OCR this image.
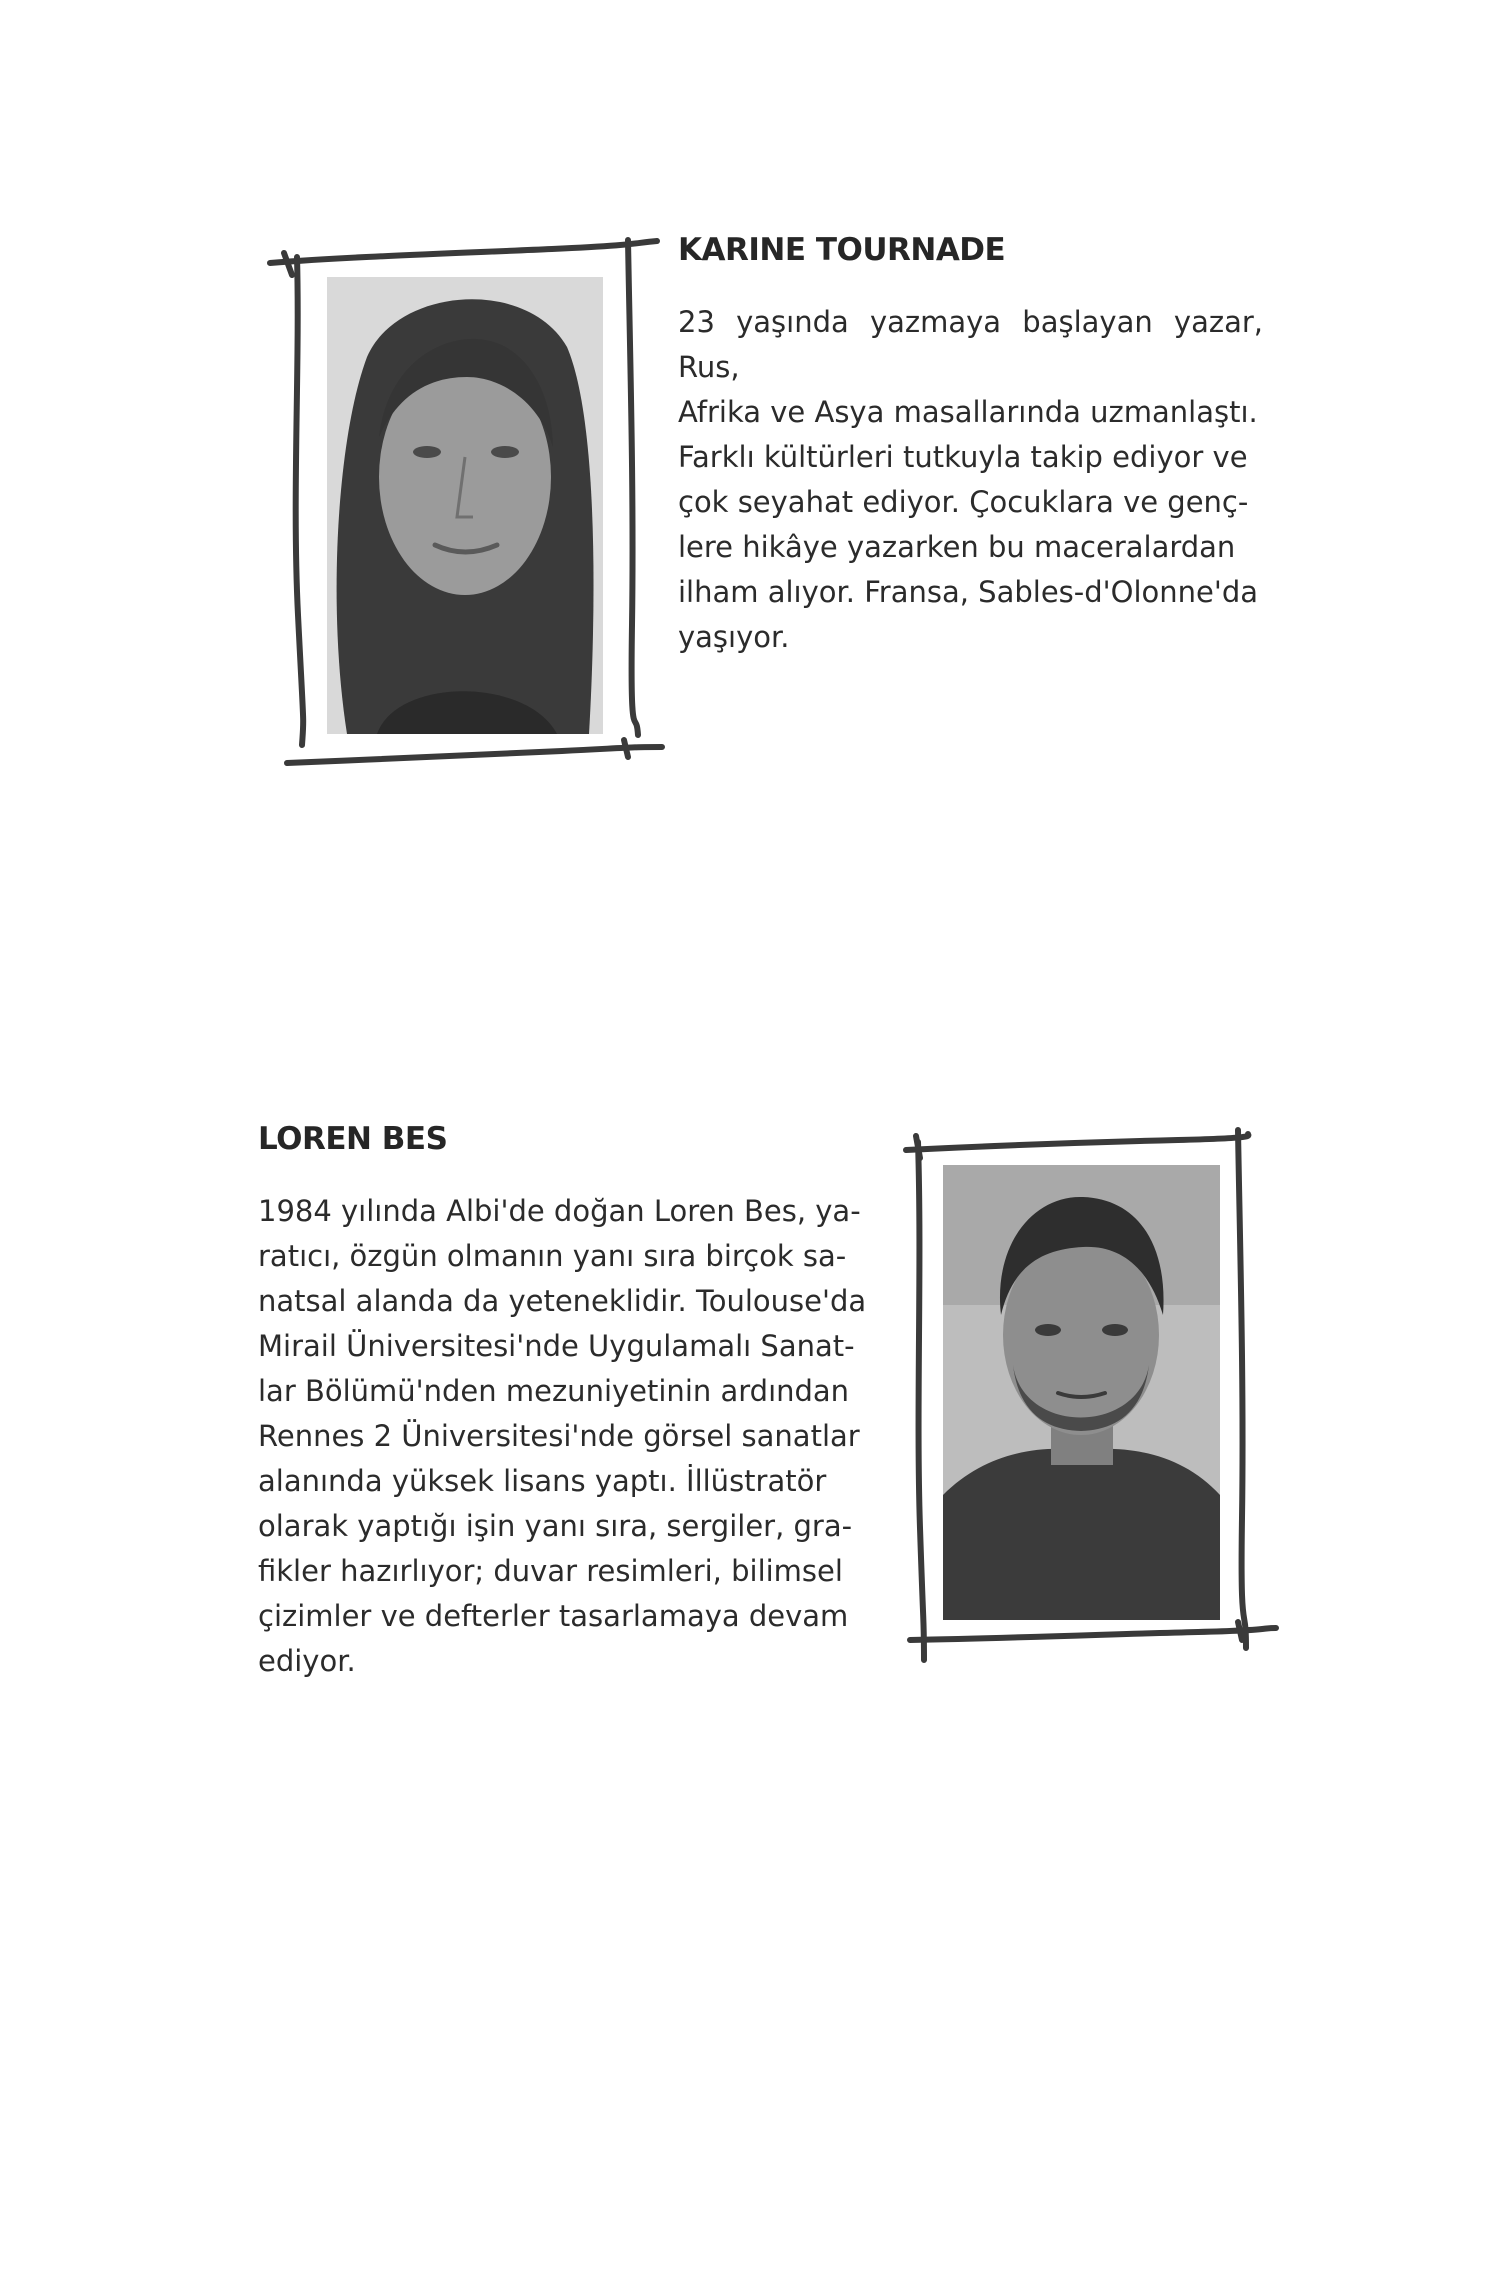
KARINE TOURNADE

23 yaşında yazmaya başlayan yazar, Rus,
Afrika ve Asya masallarında uzmanlaştı.
Farklı kültürleri tutkuyla takip ediyor ve
çok seyahat ediyor. Çocuklara ve genç-
lere hikâye yazarken bu maceralardan
ilham alıyor. Fransa, Sables-d'Olonne'da
yaşıyor.

LOREN BES

1984 yılında Albi'de doğan Loren Bes, ya-
ratıcı, özgün olmanın yanı sıra birçok sa-
natsal alanda da yeteneklidir. Toulouse'da
Mirail Üniversitesi'nde Uygulamalı Sanat-
lar Bölümü'nden mezuniyetinin ardından
Rennes 2 Üniversitesi'nde görsel sanatlar
alanında yüksek lisans yaptı. İllüstratör
olarak yaptığı işin yanı sıra, sergiler, gra-
fikler hazırlıyor; duvar resimleri, bilimsel
çizimler ve defterler tasarlamaya devam
ediyor.
